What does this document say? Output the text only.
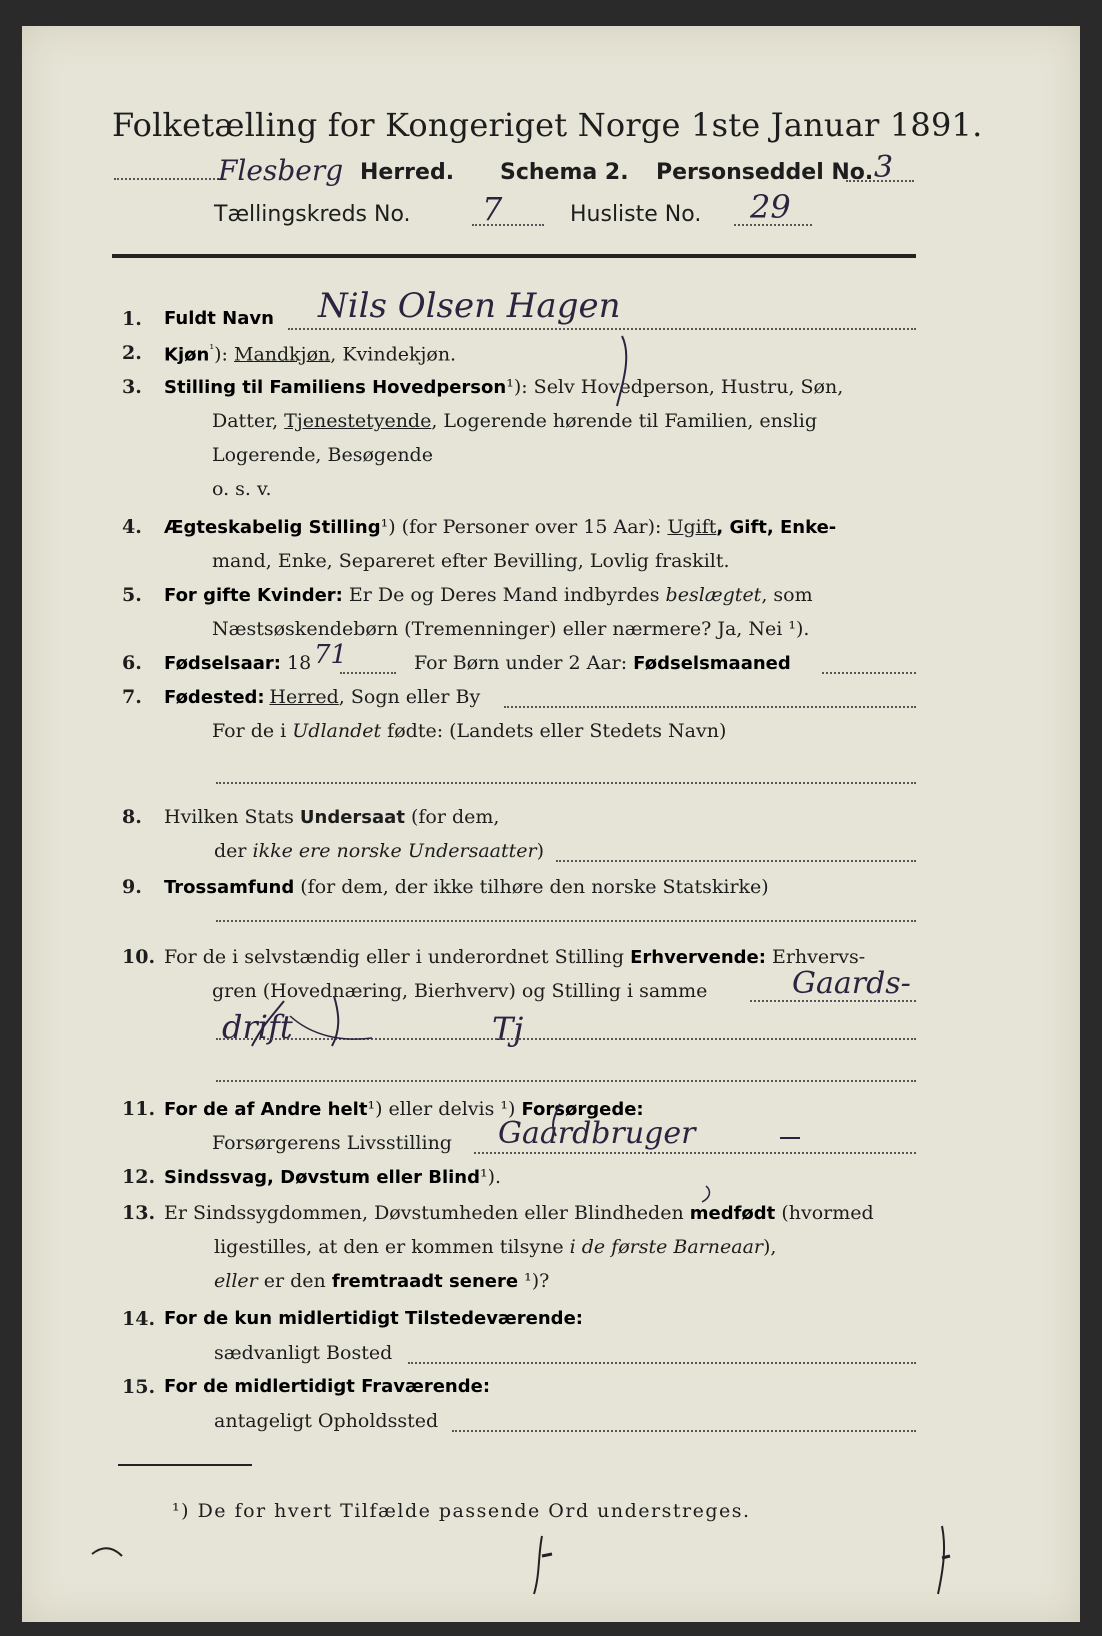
Folketælling for Kongeriget Norge 1ste Januar 1891.
Flesberg Herred. Schema 2. Personseddel No. 3
Tællingskreds No. 7	Husliste No. 29
1. Fuldt Navn Nils Olsen Hagen
2. Kjøn$^{^1}$): Mandkjøn, Kvindekjøn.
3. Stilling til Familiens Hovedperson¹): Selv Hovedperson, Hustru, Søn,
Datter, Tjenestetyende, Logerende hørende til Familien, enslig
Logerende, Besøgende
o. s. v.
4. Ægteskabelig Stilling¹) (for Personer over 15 Aar): Ugift, Gift, Enke-
mand, Enke, Separeret efter Bevilling, Lovlig fraskilt.
5. For gifte Kvinder: Er De og Deres Mand indbyrdes beslægtet, som
Næstsøskendebørn (Tremenninger) eller nærmere? Ja, Nei ¹).
6. Fødselsaar: 18 71	For Børn under 2 Aar: Fødselsmaaned
7. Fødested: Herred, Sogn eller By
For de i Udlandet fødte: (Landets eller Stedets Navn)
8. Hvilken Stats Undersaat (for dem,
der ikke ere norske Undersaatter)
9. Trossamfund (for dem, der ikke tilhøre den norske Statskirke)
10. For de i selvstændig eller i underordnet Stilling Erhvervende: Erhvervs-
gren (Hovednæring, Bierhverv) og Stilling i samme	Gaards-
drift	Tj
11. For de af Andre helt¹) eller delvis ¹) Forsørgede:
Forsørgerens Livsstilling Gaardbruger
12. Sindssvag, Døvstum eller Blind¹).
13. Er Sindssygdommen, Døvstumheden eller Blindheden medfødt (hvormed
ligestilles, at den er kommen tilsyne i de første Barneaar),
eller er den fremtraadt senere ¹)?
14. For de kun midlertidigt Tilstedeværende:
sædvanligt Bosted
15. For de midlertidigt Fraværende:
antageligt Opholdssted
¹) De for hvert Tilfælde passende Ord understreges.
